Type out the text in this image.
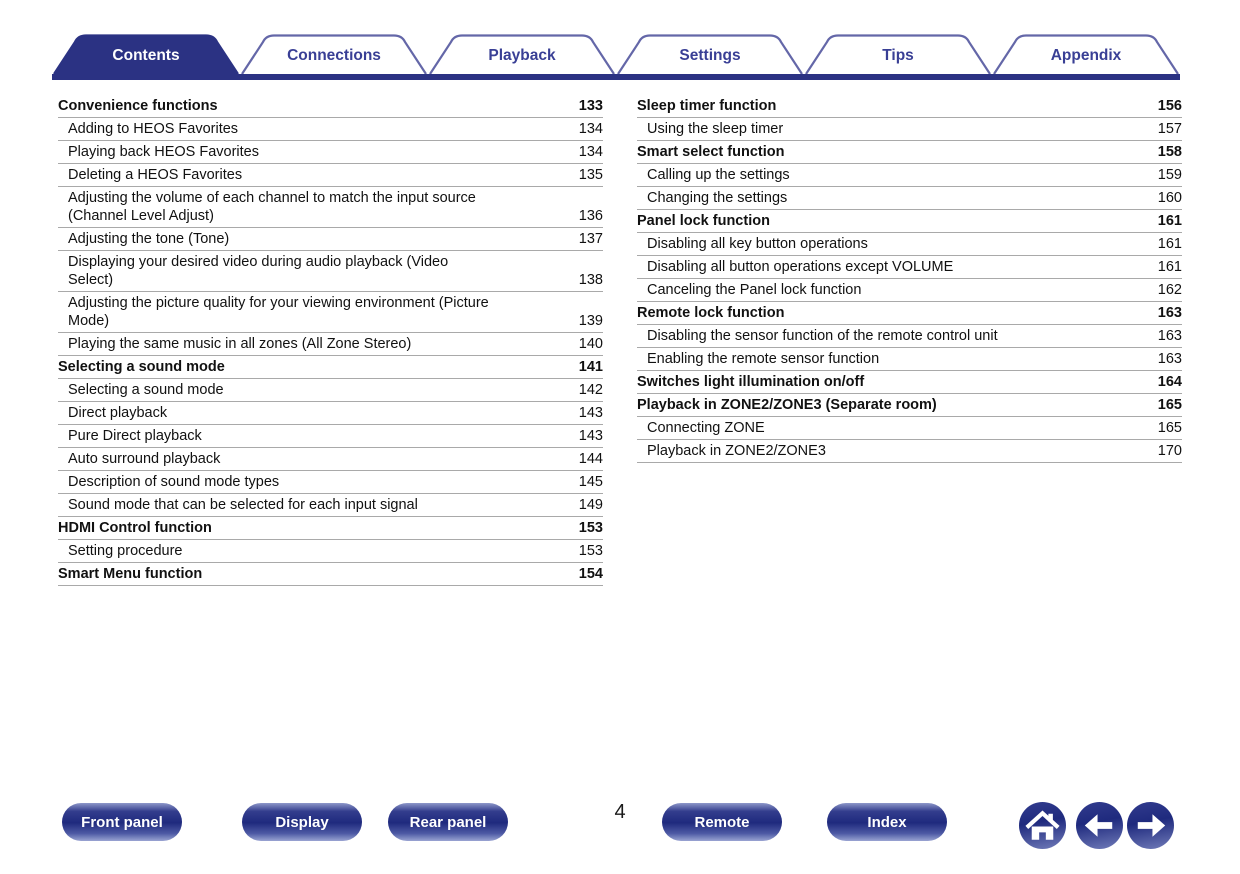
Contents	Connections	Playback	Settings	Tips	Appendix
Convenience functions	133
Adding to HEOS Favorites	134
Playing back HEOS Favorites	134
Deleting a HEOS Favorites	135
Adjusting the volume of each channel to match the input source
(Channel Level Adjust)	136
Adjusting the tone (Tone)	137
Displaying your desired video during audio playback (Video
Select)	138
Adjusting the picture quality for your viewing environment (Picture
Mode)	139
Playing the same music in all zones (All Zone Stereo)	140
Selecting a sound mode	141
Selecting a sound mode	142
Direct playback	143
Pure Direct playback	143
Auto surround playback	144
Description of sound mode types	145
Sound mode that can be selected for each input signal	149
HDMI Control function	153
Setting procedure	153
Smart Menu function	154
Sleep timer function	156
Using the sleep timer	157
Smart select function	158
Calling up the settings	159
Changing the settings	160
Panel lock function	161
Disabling all key button operations	161
Disabling all button operations except VOLUME	161
Canceling the Panel lock function	162
Remote lock function	163
Disabling the sensor function of the remote control unit	163
Enabling the remote sensor function	163
Switches light illumination on/off	164
Playback in ZONE2/ZONE3 (Separate room)	165
Connecting ZONE	165
Playback in ZONE2/ZONE3	170
Front panel	Display	Rear panel	Remote	Index
4
